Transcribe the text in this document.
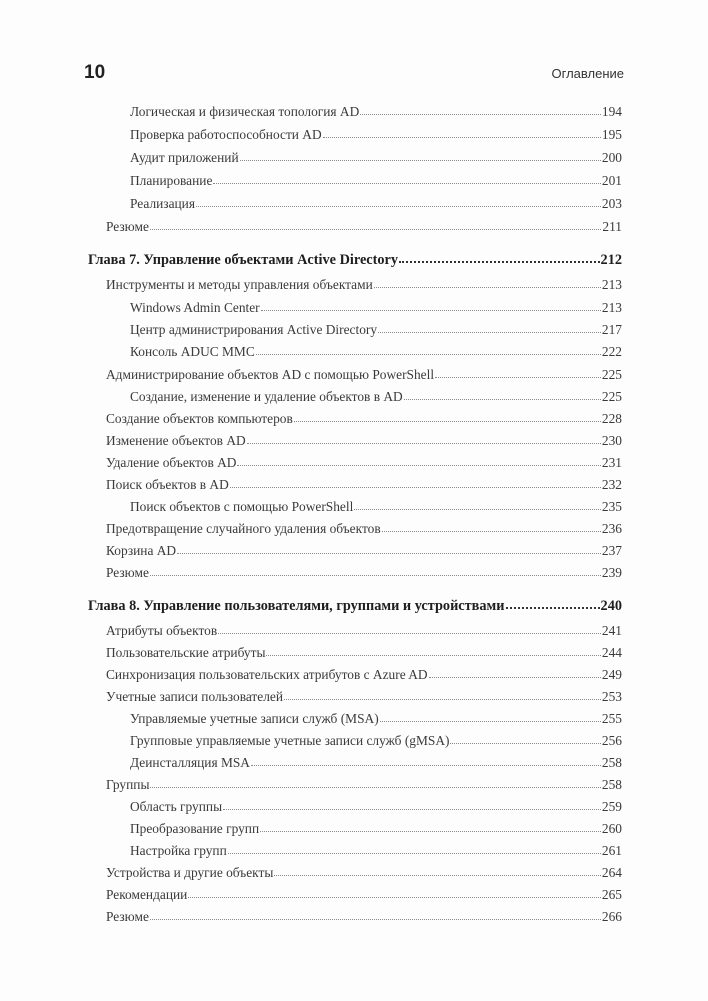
10	Оглавление
Логическая и физическая топология AD	194
Проверка работоспособности AD	195
Аудит приложений	200
Планирование	201
Реализация	203
Резюме	211
Глава 7. Управление объектами Active Directory	212
Инструменты и методы управления объектами	213
Windows Admin Center	213
Центр администрирования Active Directory	217
Консоль ADUC MMC	222
Администрирование объектов AD с помощью PowerShell	225
Создание, изменение и удаление объектов в AD	225
Создание объектов компьютеров	228
Изменение объектов AD	230
Удаление объектов AD	231
Поиск объектов в AD	232
Поиск объектов с помощью PowerShell	235
Предотвращение случайного удаления объектов	236
Корзина AD	237
Резюме	239
Глава 8. Управление пользователями, группами и устройствами	240
Атрибуты объектов	241
Пользовательские атрибуты	244
Синхронизация пользовательских атрибутов с Azure AD	249
Учетные записи пользователей	253
Управляемые учетные записи служб (MSA)	255
Групповые управляемые учетные записи служб (gMSA)	256
Деинсталляция MSA	258
Группы	258
Область группы	259
Преобразование групп	260
Настройка групп	261
Устройства и другие объекты	264
Рекомендации	265
Резюме	266
